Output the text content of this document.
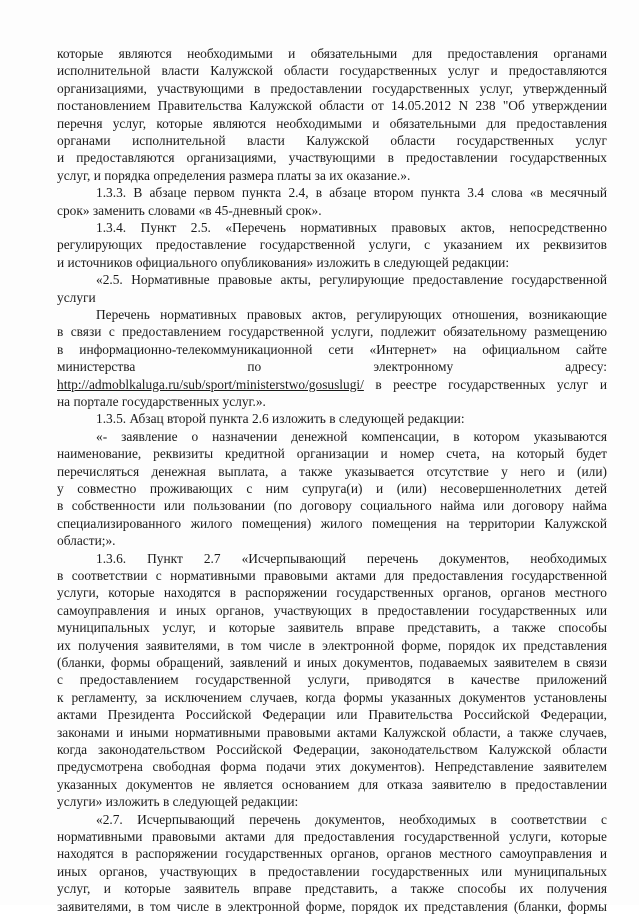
которые являются необходимыми и обязательными для предоставления органами
исполнительной власти Калужской области государственных услуг и предоставляются
организациями, участвующими в предоставлении государственных услуг, утвержденный
постановлением Правительства Калужской области от 14.05.2012 N 238 "Об утверждении
перечня услуг, которые являются необходимыми и обязательными для предоставления
органами исполнительной власти Калужской области государственных услуг
и предоставляются организациями, участвующими в предоставлении государственных
услуг, и порядка определения размера платы за их оказание.».
1.3.3. В абзаце первом пункта 2.4, в абзаце втором пункта 3.4 слова «в месячный
срок» заменить словами «в 45-дневный срок».
1.3.4. Пункт 2.5. «Перечень нормативных правовых актов, непосредственно
регулирующих предоставление государственной услуги, с указанием их реквизитов
и источников официального опубликования» изложить в следующей редакции:
«2.5. Нормативные правовые акты, регулирующие предоставление государственной
услуги
Перечень нормативных правовых актов, регулирующих отношения, возникающие
в связи с предоставлением государственной услуги, подлежит обязательному размещению
в информационно-телекоммуникационной сети «Интернет» на официальном сайте
министерства по электронному адресу:
http://admoblkaluga.ru/sub/sport/ministerstwo/gosuslugi/ в реестре государственных услуг и
на портале государственных услуг.».
1.3.5. Абзац второй пункта 2.6 изложить в следующей редакции:
«- заявление о назначении денежной компенсации, в котором указываются
наименование, реквизиты кредитной организации и номер счета, на который будет
перечисляться денежная выплата, а также указывается отсутствие у него и (или)
у совместно проживающих с ним супруга(и) и (или) несовершеннолетних детей
в собственности или пользовании (по договору социального найма или договору найма
специализированного жилого помещения) жилого помещения на территории Калужской
области;».
1.3.6. Пункт 2.7 «Исчерпывающий перечень документов, необходимых
в соответствии с нормативными правовыми актами для предоставления государственной
услуги, которые находятся в распоряжении государственных органов, органов местного
самоуправления и иных органов, участвующих в предоставлении государственных или
муниципальных услуг, и которые заявитель вправе представить, а также способы
их получения заявителями, в том числе в электронной форме, порядок их представления
(бланки, формы обращений, заявлений и иных документов, подаваемых заявителем в связи
с предоставлением государственной услуги, приводятся в качестве приложений
к регламенту, за исключением случаев, когда формы указанных документов установлены
актами Президента Российской Федерации или Правительства Российской Федерации,
законами и иными нормативными правовыми актами Калужской области, а также случаев,
когда законодательством Российской Федерации, законодательством Калужской области
предусмотрена свободная форма подачи этих документов). Непредставление заявителем
указанных документов не является основанием для отказа заявителю в предоставлении
услуги» изложить в следующей редакции:
«2.7. Исчерпывающий перечень документов, необходимых в соответствии с
нормативными правовыми актами для предоставления государственной услуги, которые
находятся в распоряжении государственных органов, органов местного самоуправления и
иных органов, участвующих в предоставлении государственных или муниципальных
услуг, и которые заявитель вправе представить, а также способы их получения
заявителями, в том числе в электронной форме, порядок их представления (бланки, формы
